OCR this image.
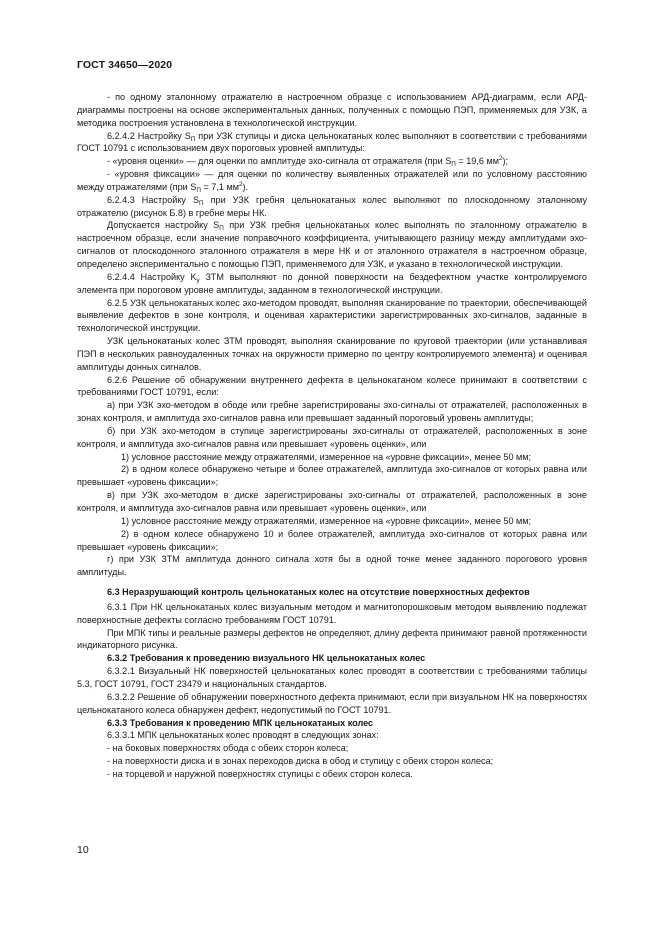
ГОСТ 34650—2020

- по одному эталонному отражателю в настроечном образце с использованием АРД-диаграмм, если АРД-диаграммы построены на основе экспериментальных данных, полученных с помощью ПЭП, применяемых для УЗК, а методика построения установлена в технологической инструкции.

6.2.4.2 Настройку $S_П$ при УЗК ступицы и диска цельнокатаных колес выполняют в соответствии с требованиями ГОСТ 10791 с использованием двух пороговых уровней амплитуды:

- «уровня оценки» — для оценки по амплитуде эхо-сигнала от отражателя (при $S_П = 19,6$ $мм^2$);

- «уровня фиксации» — для оценки по количеству выявленных отражателей или по условному расстоянию между отражателями (при $S_П = 7,1$ $мм^2$).

6.2.4.3 Настройку $S_П$ при УЗК гребня цельнокатаных колес выполняют по плоскодонному эталонному отражателю (рисунок Б.8) в гребне меры НК.

Допускается настройку $S_П$ при УЗК гребня цельнокатаных колес выполнять по эталонному отражателю в настроечном образце, если значение поправочного коэффициента, учитывающего разницу между амплитудами эхо-сигналов от плоскодонного эталонного отражателя в мере НК и от эталонного отражателя в настроечном образце, определено экспериментально с помощью ПЭП, применяемого для УЗК, и указано в технологической инструкции.

6.2.4.4 Настройку $K_у$ ЗТМ выполняют по донной поверхности на бездефектном участке контролируемого элемента при пороговом уровне амплитуды, заданном в технологической инструкции.

6.2.5 УЗК цельнокатаных колес эхо-методом проводят, выполняя сканирование по траектории, обеспечивающей выявление дефектов в зоне контроля, и оценивая характеристики зарегистрированных эхо-сигналов, заданные в технологической инструкции.

УЗК цельнокатаных колес ЗТМ проводят, выполняя сканирование по круговой траектории (или устанавливая ПЭП в нескольких равноудаленных точках на окружности примерно по центру контролируемого элемента) и оценивая амплитуды донных сигналов.

6.2.6 Решение об обнаружении внутреннего дефекта в цельнокатаном колесе принимают в соответствии с требованиями ГОСТ 10791, если:

а) при УЗК эхо-методом в ободе или гребне зарегистрированы эхо-сигналы от отражателей, расположенных в зонах контроля, и амплитуда эхо-сигналов равна или превышает заданный пороговый уровень амплитуды;

б) при УЗК эхо-методом в ступице зарегистрированы эхо-сигналы от отражателей, расположенных в зоне контроля, и амплитуда эхо-сигналов равна или превышает «уровень оценки», или

1) условное расстояние между отражателями, измеренное на «уровне фиксации», менее 50 мм;

2) в одном колесе обнаружено четыре и более отражателей, амплитуда эхо-сигналов от которых равна или превышает «уровень фиксации»;

в) при УЗК эхо-методом в диске зарегистрированы эхо-сигналы от отражателей, расположенных в зоне контроля, и амплитуда эхо-сигналов равна или превышает «уровень оценки», или

1) условное расстояние между отражателями, измеренное на «уровне фиксации», менее 50 мм;

2) в одном колесе обнаружено 10 и более отражателей, амплитуда эхо-сигналов от которых равна или превышает «уровень фиксации»;

г) при УЗК ЗТМ амплитуда донного сигнала хотя бы в одной точке менее заданного порогового уровня амплитуды.

6.3 Неразрушающий контроль цельнокатаных колес на отсутствие поверхностных дефектов

6.3.1 При НК цельнокатаных колес визуальным методом и магнитопорошковым методом выявлению подлежат поверхностные дефекты согласно требованиям ГОСТ 10791.

При МПК типы и реальные размеры дефектов не определяют, длину дефекта принимают равной протяженности индикаторного рисунка.

6.3.2 Требования к проведению визуального НК цельнокатаных колес

6.3.2.1 Визуальный НК поверхностей цельнокатаных колес проводят в соответствии с требованиями таблицы 5.3, ГОСТ 10791, ГОСТ 23479 и национальных стандартов.

6.3.2.2 Решение об обнаружении поверхностного дефекта принимают, если при визуальном НК на поверхностях цельнокатаного колеса обнаружен дефект, недопустимый по ГОСТ 10791.

6.3.3 Требования к проведению МПК цельнокатаных колес

6.3.3.1 МПК цельнокатаных колес проводят в следующих зонах:

- на боковых поверхностях обода с обеих сторон колеса;

- на поверхности диска и в зонах переходов диска в обод и ступицу с обеих сторон колеса;

- на торцевой и наружной поверхностях ступицы с обеих сторон колеса.

10
